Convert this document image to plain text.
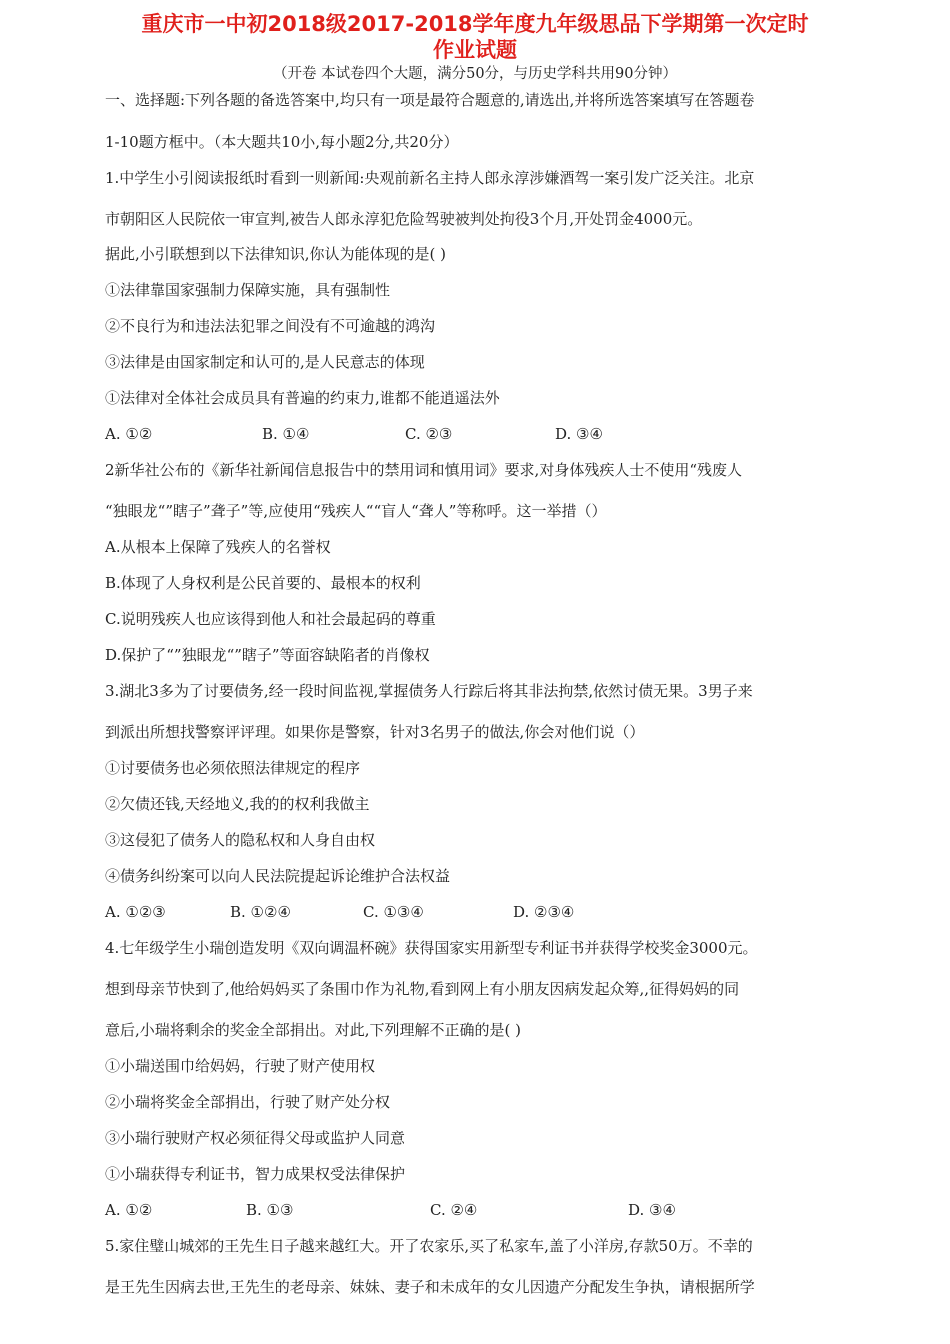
重庆市一中初2018级2017-2018学年度九年级思品下学期第一次定时
作业试题
（开卷 本试卷四个大题，满分50分，与历史学科共用90分钟）
一、选择题:下列各题的备选答案中,均只有一项是最符合题意的,请选出,并将所选答案填写在答题卷
1-10题方框中。（本大题共10小,每小题2分,共20分）
1.中学生小引阅读报纸时看到一则新闻:央观前新名主持人郎永淳涉嫌酒驾一案引发广泛关注。北京
市朝阳区人民院依一审宣判,被告人郎永淳犯危险驾驶被判处拘役3个月,开处罚金4000元。
据此,小引联想到以下法律知识,你认为能体现的是( )
①法律靠国家强制力保障实施，具有强制性
②不良行为和违法法犯罪之间没有不可逾越的鸿沟
③法律是由国家制定和认可的,是人民意志的体现
①法律对全体社会成员具有普遍的约束力,谁都不能逍遥法外
A. ①②	B. ①④	C. ②③	D. ③④
2新华社公布的《新华社新闻信息报告中的禁用词和慎用词》要求,对身体残疾人士不使用“残废人
“独眼龙“”瞎子”聋子”等,应使用“残疾人““盲人“聋人”等称呼。这一举措（）
A.从根本上保障了残疾人的名誉权
B.体现了人身权利是公民首要的、最根本的权利
C.说明残疾人也应该得到他人和社会最起码的尊重
D.保护了“”独眼龙“”瞎子”等面容缺陷者的肖像权
3.湖北3多为了讨要债务,经一段时间监视,掌握债务人行踪后将其非法拘禁,依然讨债无果。3男子来
到派出所想找警察评评理。如果你是警察，针对3名男子的做法,你会对他们说（）
①讨要债务也必须依照法律规定的程序
②欠债还钱,天经地义,我的的权利我做主
③这侵犯了债务人的隐私权和人身自由权
④债务纠纷案可以向人民法院提起诉论维护合法权益
A. ①②③	B. ①②④	C. ①③④	D. ②③④
4.七年级学生小瑞创造发明《双向调温杯碗》获得国家实用新型专利证书并获得学校奖金3000元。
想到母亲节快到了,他给妈妈买了条围巾作为礼物,看到网上有小朋友因病发起众筹,,征得妈妈的同
意后,小瑞将剩余的奖金全部捐出。对此,下列理解不正确的是( )
①小瑞送围巾给妈妈，行驶了财产使用权
②小瑞将奖金全部捐出，行驶了财产处分权
③小瑞行驶财产权必须征得父母或监护人同意
①小瑞获得专利证书，智力成果权受法律保护
A. ①②	B. ①③	C. ②④	D. ③④
5.家住璧山城郊的王先生日子越来越红大。开了农家乐,买了私家车,盖了小洋房,存款50万。不幸的
是王先生因病去世,王先生的老母亲、妹妹、妻子和未成年的女儿因遗产分配发生争执，请根据所学
